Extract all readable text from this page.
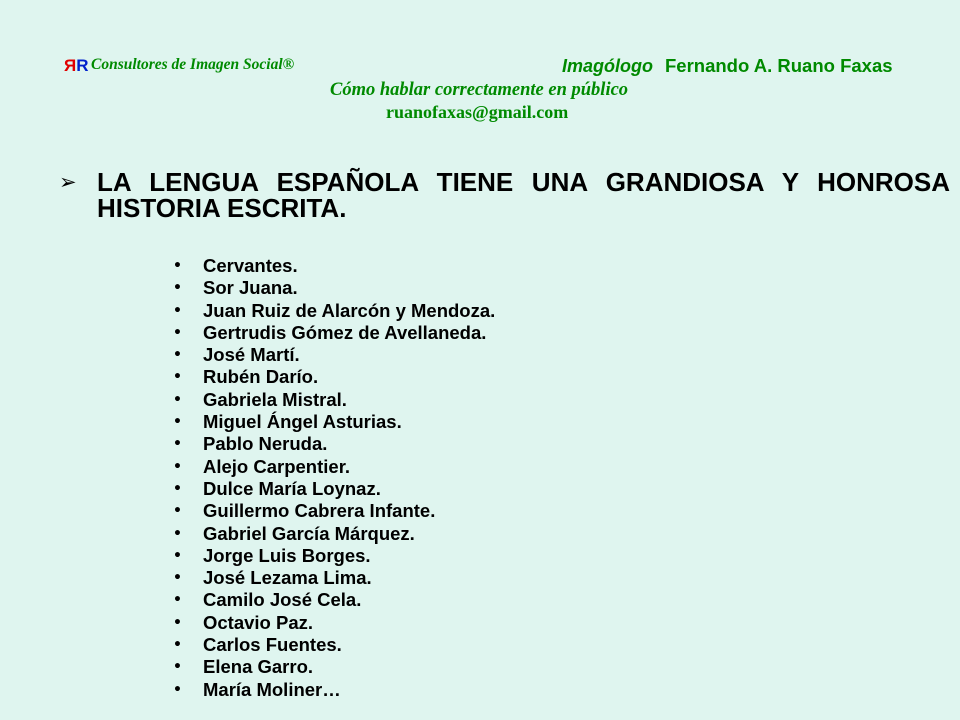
ЯR Consultores de Imagen Social®	Imagólogo Fernando A. Ruano Faxas
Cómo hablar correctamente en público
ruanofaxas@gmail.com
➢
LA LENGUA ESPAÑOLA TIENE UNA GRANDIOSA Y HONROSA HISTORIA ESCRITA.
•
Cervantes.
•
Sor Juana.
•
Juan Ruiz de Alarcón y Mendoza.
•
Gertrudis Gómez de Avellaneda.
•
José Martí.
•
Rubén Darío.
•
Gabriela Mistral.
•
Miguel Ángel Asturias.
•
Pablo Neruda.
•
Alejo Carpentier.
•
Dulce María Loynaz.
•
Guillermo Cabrera Infante.
•
Gabriel García Márquez.
•
Jorge Luis Borges.
•
José Lezama Lima.
•
Camilo José Cela.
•
Octavio Paz.
•
Carlos Fuentes.
•
Elena Garro.
•
María Moliner…
